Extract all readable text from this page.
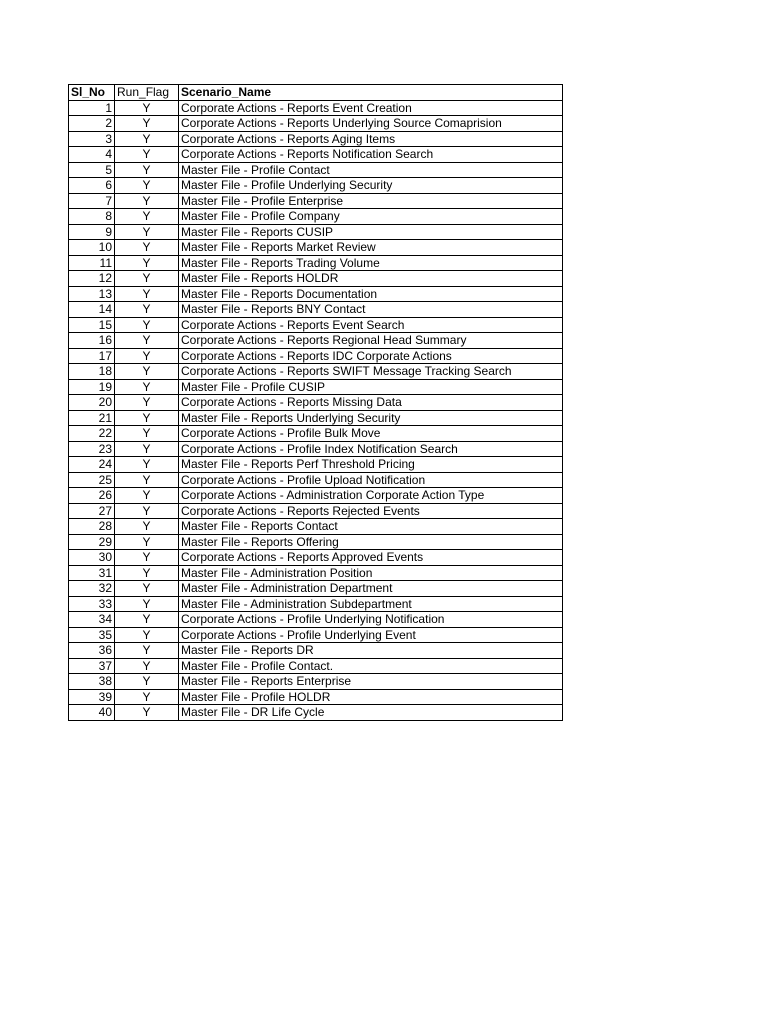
Sl_No	Run_Flag	Scenario_Name
1	Y	Corporate Actions - Reports Event Creation
2	Y	Corporate Actions - Reports Underlying Source Comaprision
3	Y	Corporate Actions - Reports Aging Items
4	Y	Corporate Actions - Reports Notification Search
5	Y	Master File - Profile Contact
6	Y	Master File - Profile Underlying Security
7	Y	Master File - Profile Enterprise
8	Y	Master File - Profile Company
9	Y	Master File - Reports CUSIP
10	Y	Master File - Reports Market Review
11	Y	Master File - Reports Trading Volume
12	Y	Master File - Reports HOLDR
13	Y	Master File - Reports Documentation
14	Y	Master File - Reports BNY Contact
15	Y	Corporate Actions - Reports Event Search
16	Y	Corporate Actions - Reports Regional Head Summary
17	Y	Corporate Actions - Reports IDC Corporate Actions
18	Y	Corporate Actions - Reports SWIFT Message Tracking Search
19	Y	Master File - Profile CUSIP
20	Y	Corporate Actions - Reports Missing Data
21	Y	Master File - Reports Underlying Security
22	Y	Corporate Actions - Profile Bulk Move
23	Y	Corporate Actions - Profile Index Notification Search
24	Y	Master File - Reports Perf Threshold Pricing
25	Y	Corporate Actions - Profile Upload Notification
26	Y	Corporate Actions - Administration Corporate Action Type
27	Y	Corporate Actions - Reports Rejected Events
28	Y	Master File - Reports Contact
29	Y	Master File - Reports Offering
30	Y	Corporate Actions - Reports Approved Events
31	Y	Master File - Administration Position
32	Y	Master File - Administration Department
33	Y	Master File - Administration Subdepartment
34	Y	Corporate Actions - Profile Underlying Notification
35	Y	Corporate Actions - Profile Underlying Event
36	Y	Master File - Reports DR
37	Y	Master File - Profile Contact.
38	Y	Master File - Reports Enterprise
39	Y	Master File - Profile HOLDR
40	Y	Master File - DR Life Cycle
